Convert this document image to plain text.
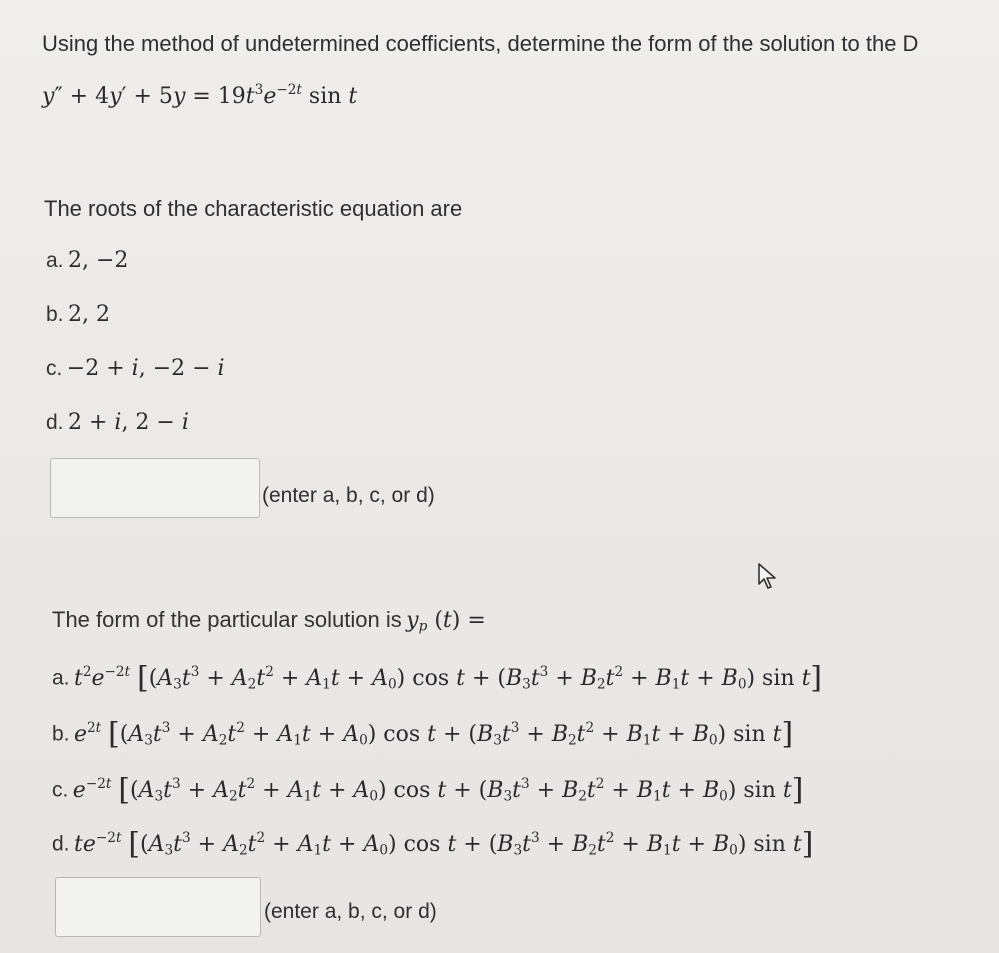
Using the method of undetermined coefficients, determine the form of the solution to the D
$y'' + 4y' + 5y = 19t^3e^{-2t}$ sin t
The roots of the characteristic equation are
a. 2, −2
b. 2, 2
c. −2 + i, −2 − i
d. 2 + i, 2 − i
(enter a, b, c, or d)
The form of the particular solution is $y_p$ (t) =
a. $t^2e^{-2t}$ [$(A_3t^3 + A_2t^2 + A_1t + A_0)$ $\cos t + (B_3t^3 + B_2t^2 + B_1t + B_0)$ sin t]
b. $e^{2t}$ [$(A_3t^3 + A_2t^2 + A_1t + A_0)$ $\cos t + (B_3t^3 + B_2t^2 + B_1t + B_0)$ sin t]
c. $e^{-2t}$ [$(A_3t^3 + A_2t^2 + A_1t + A_0)$ $\cos t + (B_3t^3 + B_2t^2 + B_1t + B_0)$ sin t]
d. $te^{-2t}$ [$(A_3t^3 + A_2t^2 + A_1t + A_0)$ $\cos t + (B_3t^3 + B_2t^2 + B_1t + B_0)$ sin t]
(enter a, b, c, or d)
